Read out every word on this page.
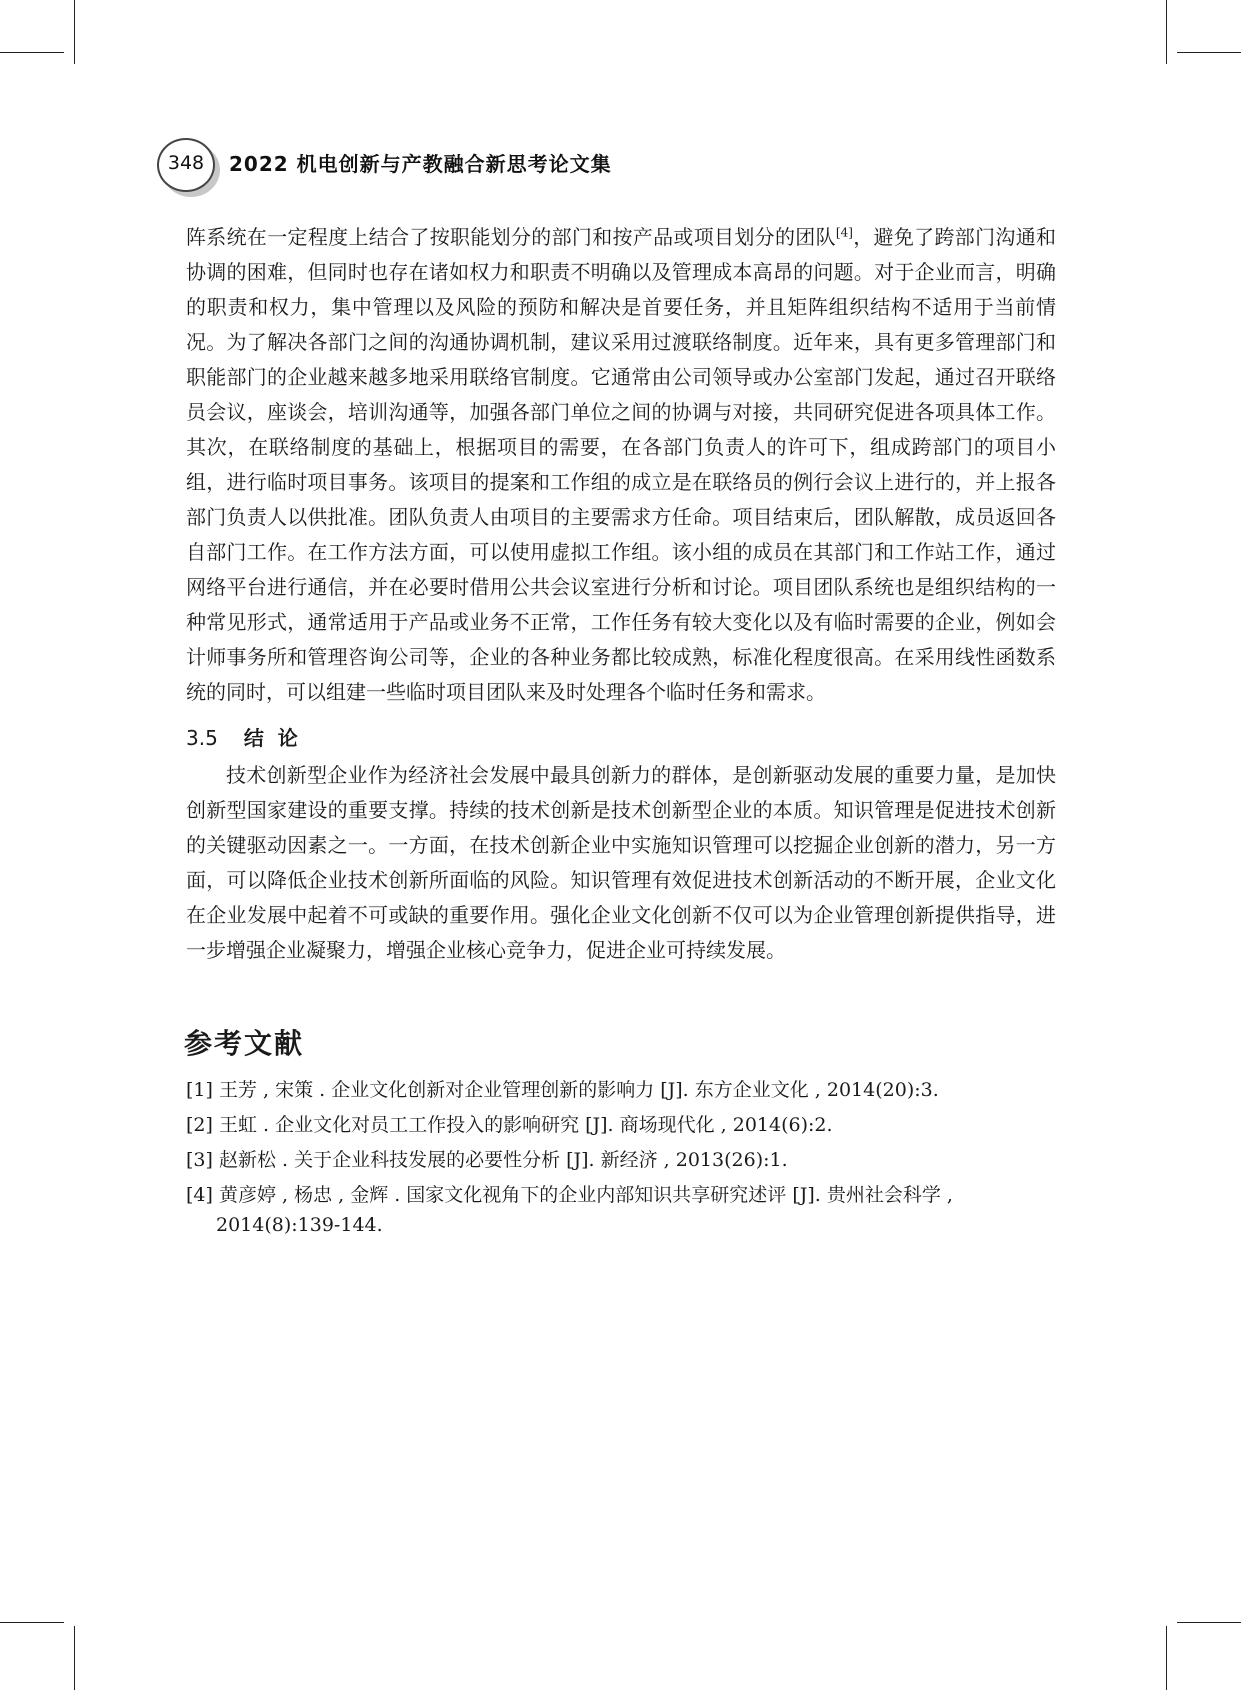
348	2022 机电创新与产教融合新思考论文集

阵系统在一定程度上结合了按职能划分的部门和按产品或项目划分的团队[4]，避免了跨部门沟通和协调的困难，但同时也存在诸如权力和职责不明确以及管理成本高昂的问题。对于企业而言，明确的职责和权力，集中管理以及风险的预防和解决是首要任务，并且矩阵组织结构不适用于当前情况。为了解决各部门之间的沟通协调机制，建议采用过渡联络制度。近年来，具有更多管理部门和职能部门的企业越来越多地采用联络官制度。它通常由公司领导或办公室部门发起，通过召开联络员会议，座谈会，培训沟通等，加强各部门单位之间的协调与对接，共同研究促进各项具体工作。其次，在联络制度的基础上，根据项目的需要，在各部门负责人的许可下，组成跨部门的项目小组，进行临时项目事务。该项目的提案和工作组的成立是在联络员的例行会议上进行的，并上报各部门负责人以供批准。团队负责人由项目的主要需求方任命。项目结束后，团队解散，成员返回各自部门工作。在工作方法方面，可以使用虚拟工作组。该小组的成员在其部门和工作站工作，通过网络平台进行通信，并在必要时借用公共会议室进行分析和讨论。项目团队系统也是组织结构的一种常见形式，通常适用于产品或业务不正常，工作任务有较大变化以及有临时需要的企业，例如会计师事务所和管理咨询公司等，企业的各种业务都比较成熟，标准化程度很高。在采用线性函数系统的同时，可以组建一些临时项目团队来及时处理各个临时任务和需求。

3.5 结论

技术创新型企业作为经济社会发展中最具创新力的群体，是创新驱动发展的重要力量，是加快创新型国家建设的重要支撑。持续的技术创新是技术创新型企业的本质。知识管理是促进技术创新的关键驱动因素之一。一方面，在技术创新企业中实施知识管理可以挖掘企业创新的潜力，另一方面，可以降低企业技术创新所面临的风险。知识管理有效促进技术创新活动的不断开展，企业文化在企业发展中起着不可或缺的重要作用。强化企业文化创新不仅可以为企业管理创新提供指导，进一步增强企业凝聚力，增强企业核心竞争力，促进企业可持续发展。

参考文献
[1] 王芳 , 宋策 . 企业文化创新对企业管理创新的影响力 [J]. 东方企业文化 , 2014(20):3.
[2] 王虹 . 企业文化对员工工作投入的影响研究 [J]. 商场现代化 , 2014(6):2.
[3] 赵新松 . 关于企业科技发展的必要性分析 [J]. 新经济 , 2013(26):1.
[4] 黄彦婷 , 杨忠 , 金辉 . 国家文化视角下的企业内部知识共享研究述评 [J]. 贵州社会科学 , 2014(8):139-144.
